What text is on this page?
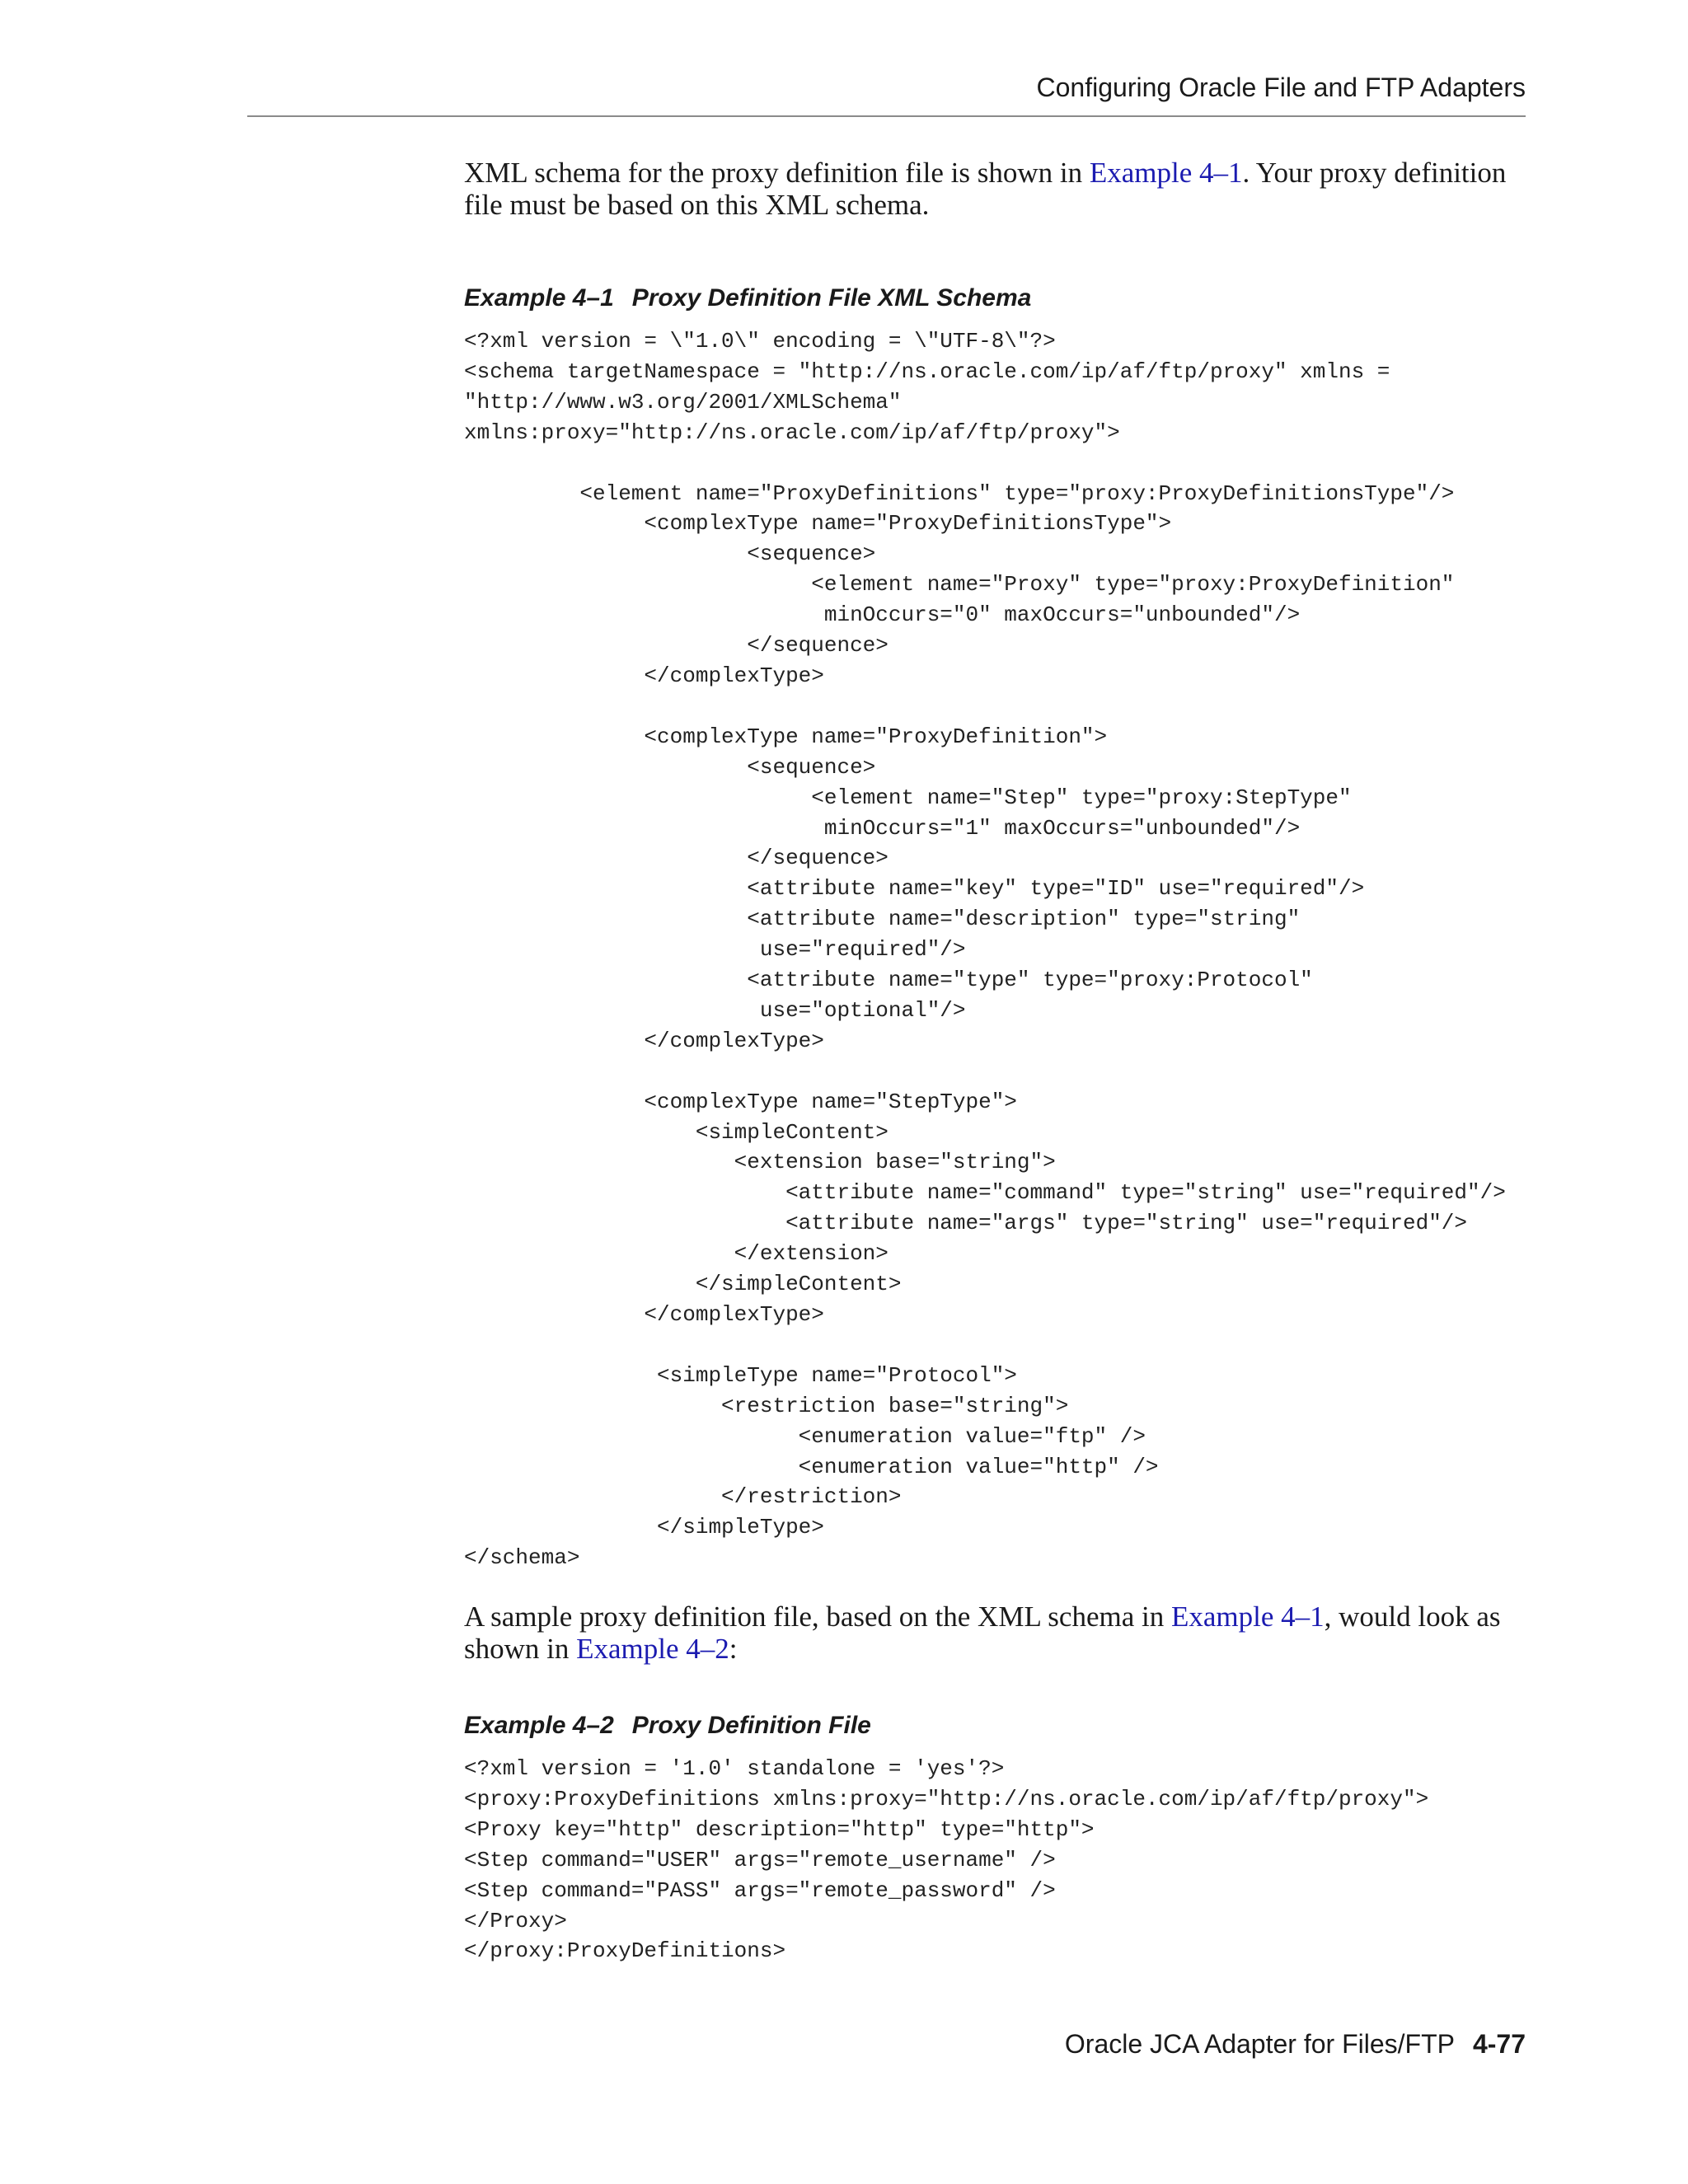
Configuring Oracle File and FTP Adapters

XML schema for the proxy definition file is shown in Example 4–1. Your proxy definition file must be based on this XML schema.

Example 4–1 Proxy Definition File XML Schema
<?xml version = \"1.0\" encoding = \"UTF-8\"?>
<schema targetNamespace = "http://ns.oracle.com/ip/af/ftp/proxy" xmlns =
"http://www.w3.org/2001/XMLSchema"
xmlns:proxy="http://ns.oracle.com/ip/af/ftp/proxy">

<element name="ProxyDefinitions" type="proxy:ProxyDefinitionsType"/>
<complexType name="ProxyDefinitionsType">
<sequence>
<element name="Proxy" type="proxy:ProxyDefinition"
minOccurs="0" maxOccurs="unbounded"/>
</sequence>
</complexType>

<complexType name="ProxyDefinition">
<sequence>
<element name="Step" type="proxy:StepType"
minOccurs="1" maxOccurs="unbounded"/>
</sequence>
<attribute name="key" type="ID" use="required"/>
<attribute name="description" type="string"
use="required"/>
<attribute name="type" type="proxy:Protocol"
use="optional"/>
</complexType>

<complexType name="StepType">
<simpleContent>
<extension base="string">
<attribute name="command" type="string" use="required"/>
<attribute name="args" type="string" use="required"/>
</extension>
</simpleContent>
</complexType>

<simpleType name="Protocol">
<restriction base="string">
<enumeration value="ftp" />
<enumeration value="http" />
</restriction>
</simpleType>
</schema>

A sample proxy definition file, based on the XML schema in Example 4–1, would look as shown in Example 4–2:

Example 4–2 Proxy Definition File
<?xml version = '1.0' standalone = 'yes'?>
<proxy:ProxyDefinitions xmlns:proxy="http://ns.oracle.com/ip/af/ftp/proxy">
<Proxy key="http" description="http" type="http">
<Step command="USER" args="remote_username" />
<Step command="PASS" args="remote_password" />
</Proxy>
</proxy:ProxyDefinitions>
Oracle JCA Adapter for Files/FTP 4-77
